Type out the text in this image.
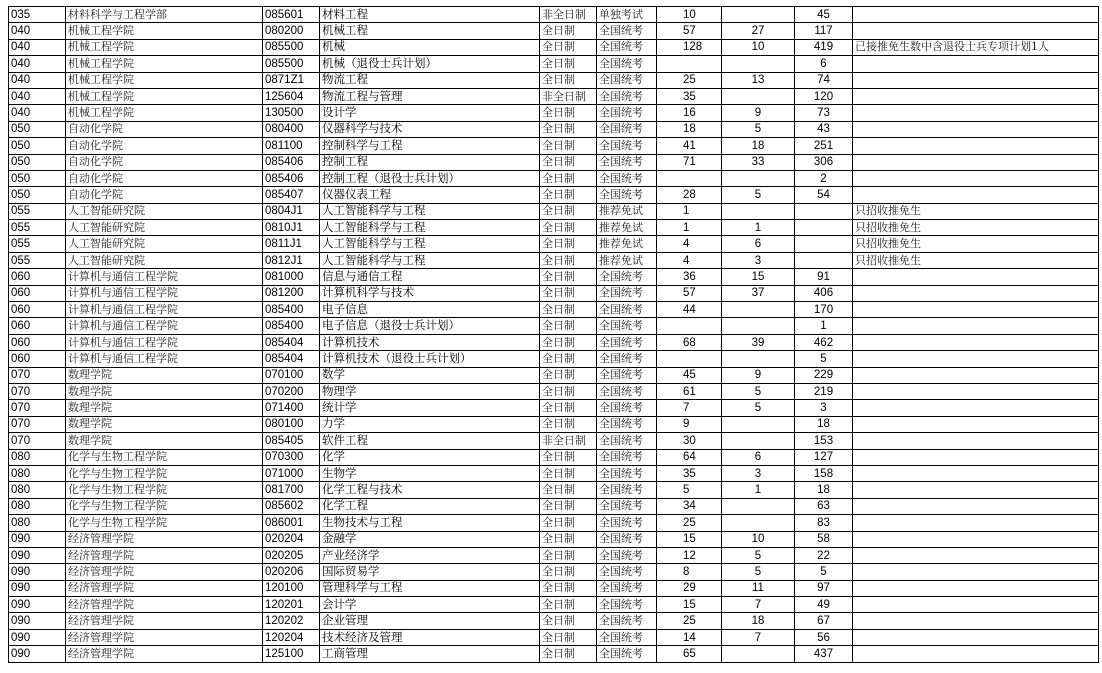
035	材料科学与工程学部	085601	材料工程	非全日制	单独考试	10		45	
040	机械工程学院	080200	机械工程	全日制	全国统考	57	27	117	
040	机械工程学院	085500	机械	全日制	全国统考	128	10	419	已接推免生数中含退役士兵专项计划1人
040	机械工程学院	085500	机械（退役士兵计划）	全日制	全国统考			6	
040	机械工程学院	0871Z1	物流工程	全日制	全国统考	25	13	74	
040	机械工程学院	125604	物流工程与管理	非全日制	全国统考	35		120	
040	机械工程学院	130500	设计学	全日制	全国统考	16	9	73	
050	自动化学院	080400	仪器科学与技术	全日制	全国统考	18	5	43	
050	自动化学院	081100	控制科学与工程	全日制	全国统考	41	18	251	
050	自动化学院	085406	控制工程	全日制	全国统考	71	33	306	
050	自动化学院	085406	控制工程（退役士兵计划）	全日制	全国统考			2	
050	自动化学院	085407	仪器仪表工程	全日制	全国统考	28	5	54	
055	人工智能研究院	0804J1	人工智能科学与工程	全日制	推荐免试	1			只招收推免生
055	人工智能研究院	0810J1	人工智能科学与工程	全日制	推荐免试	1	1		只招收推免生
055	人工智能研究院	0811J1	人工智能科学与工程	全日制	推荐免试	4	6		只招收推免生
055	人工智能研究院	0812J1	人工智能科学与工程	全日制	推荐免试	4	3		只招收推免生
060	计算机与通信工程学院	081000	信息与通信工程	全日制	全国统考	36	15	91	
060	计算机与通信工程学院	081200	计算机科学与技术	全日制	全国统考	57	37	406	
060	计算机与通信工程学院	085400	电子信息	全日制	全国统考	44		170	
060	计算机与通信工程学院	085400	电子信息（退役士兵计划）	全日制	全国统考			1	
060	计算机与通信工程学院	085404	计算机技术	全日制	全国统考	68	39	462	
060	计算机与通信工程学院	085404	计算机技术（退役士兵计划）	全日制	全国统考			5	
070	数理学院	070100	数学	全日制	全国统考	45	9	229	
070	数理学院	070200	物理学	全日制	全国统考	61	5	219	
070	数理学院	071400	统计学	全日制	全国统考	7	5	3	
070	数理学院	080100	力学	全日制	全国统考	9		18	
070	数理学院	085405	软件工程	非全日制	全国统考	30		153	
080	化学与生物工程学院	070300	化学	全日制	全国统考	64	6	127	
080	化学与生物工程学院	071000	生物学	全日制	全国统考	35	3	158	
080	化学与生物工程学院	081700	化学工程与技术	全日制	全国统考	5	1	18	
080	化学与生物工程学院	085602	化学工程	全日制	全国统考	34		63	
080	化学与生物工程学院	086001	生物技术与工程	全日制	全国统考	25		83	
090	经济管理学院	020204	金融学	全日制	全国统考	15	10	58	
090	经济管理学院	020205	产业经济学	全日制	全国统考	12	5	22	
090	经济管理学院	020206	国际贸易学	全日制	全国统考	8	5	5	
090	经济管理学院	120100	管理科学与工程	全日制	全国统考	29	11	97	
090	经济管理学院	120201	会计学	全日制	全国统考	15	7	49	
090	经济管理学院	120202	企业管理	全日制	全国统考	25	18	67	
090	经济管理学院	120204	技术经济及管理	全日制	全国统考	14	7	56	
090	经济管理学院	125100	工商管理	全日制	全国统考	65		437	
